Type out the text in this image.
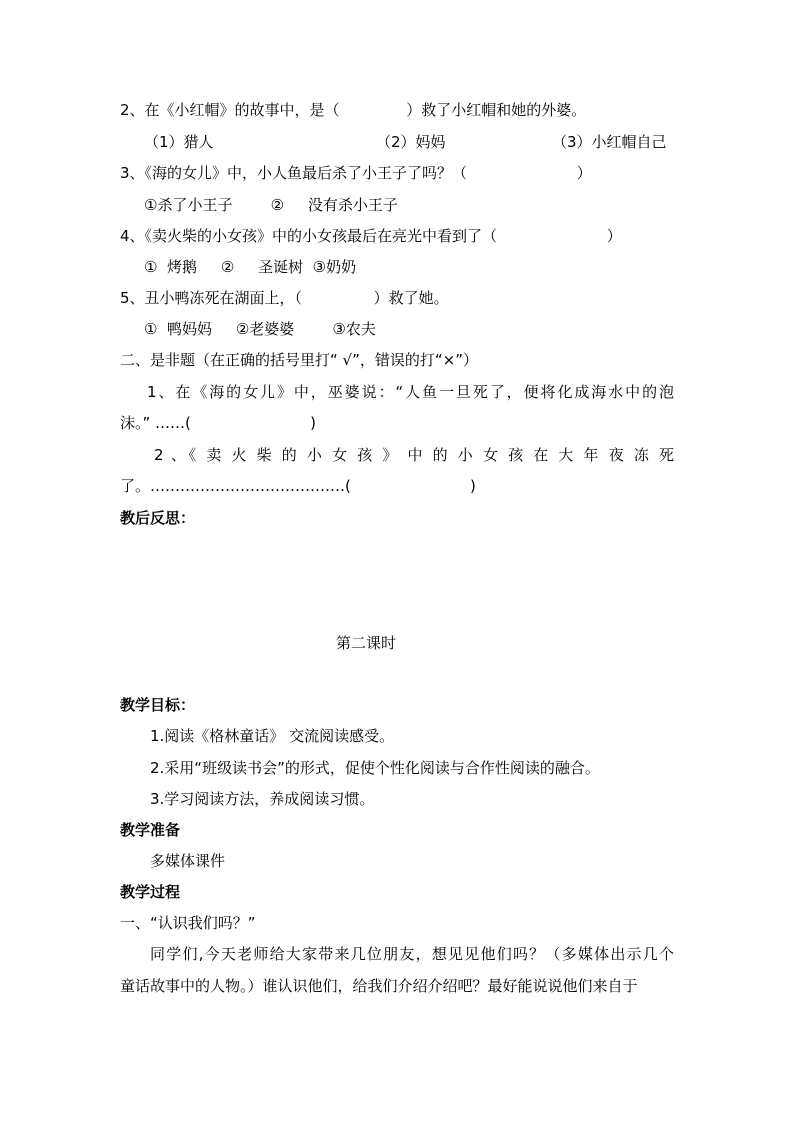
2、在《小红帽》的故事中，是（              ）救了小红帽和她的外婆。
（1）猎人	（2）妈妈	（3）小红帽自己
3、《海的女儿》中，小人鱼最后杀了小王子了吗？（                       ）
①杀了小王子        ②     没有杀小王子
4、《卖火柴的小女孩》中的小女孩最后在亮光中看到了（                       ）
①  烤鹅     ②     圣诞树  ③奶奶
5、丑小鸭冻死在湖面上，（               ）救了她。
①  鸭妈妈     ②老婆婆        ③农夫
二、是非题（在正确的括号里打“ √”，错误的打“×”）
1、在《海的女儿》中，巫婆说：“人鱼一旦死了，便将化成海水中的泡
沫。” ……(                         )
2 、《 卖 火 柴 的 小 女 孩 》 中 的 小 女 孩 在 大 年 夜 冻 死
了。…………………………………(                         )
教后反思：
第二课时
教学目标：
1.阅读《格林童话》 交流阅读感受。
2.采用“班级读书会”的形式，促使个性化阅读与合作性阅读的融合。
3.学习阅读方法，养成阅读习惯。
教学准备
多媒体课件
教学过程
一、“认识我们吗？”
同学们,今天老师给大家带来几位朋友，想见见他们吗？（多媒体出示几个
童话故事中的人物。）谁认识他们，给我们介绍介绍吧？最好能说说他们来自于
